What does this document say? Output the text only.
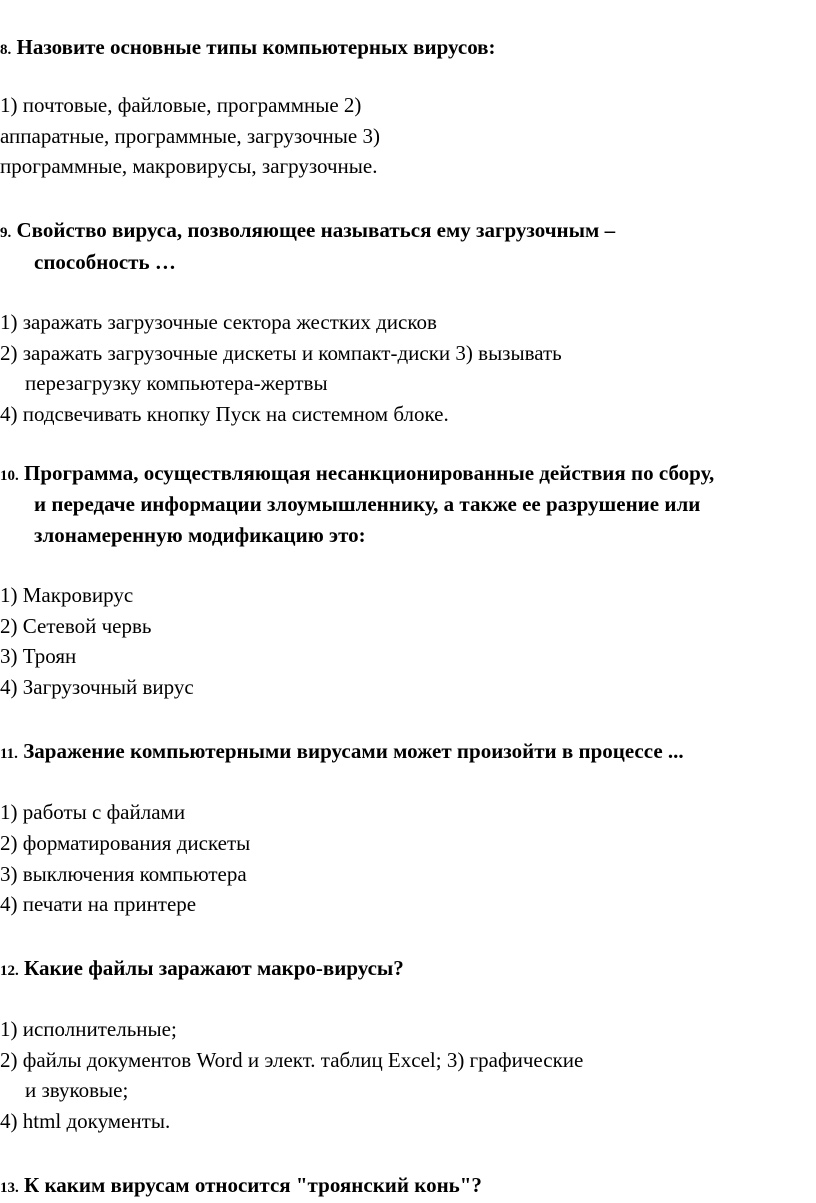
8. Назовите основные типы компьютерных вирусов:
1) почтовые, файловые, программные 2)
аппаратные, программные, загрузочные 3)
программные, макровирусы, загрузочные.
9. Свойство вируса, позволяющее называться ему загрузочным –
способность …
1) заражать загрузочные сектора жестких дисков
2) заражать загрузочные дискеты и компакт-диски 3) вызывать
перезагрузку компьютера-жертвы
4) подсвечивать кнопку Пуск на системном блоке.
10. Программа, осуществляющая несанкционированные действия по сбору,
и передаче информации злоумышленнику, а также ее разрушение или
злонамеренную модификацию это:
1) Макровирус
2) Сетевой червь
3) Троян
4) Загрузочный вирус
11. Заражение компьютерными вирусами может произойти в процессе ...
1) работы с файлами
2) форматирования дискеты
3) выключения компьютера
4) печати на принтере
12. Какие файлы заражают макро-вирусы?
1) исполнительные;
2) файлы документов Word и элект. таблиц Excel; 3) графические
и звуковые;
4) html документы.
13. К каким вирусам относится "троянский конь"?
